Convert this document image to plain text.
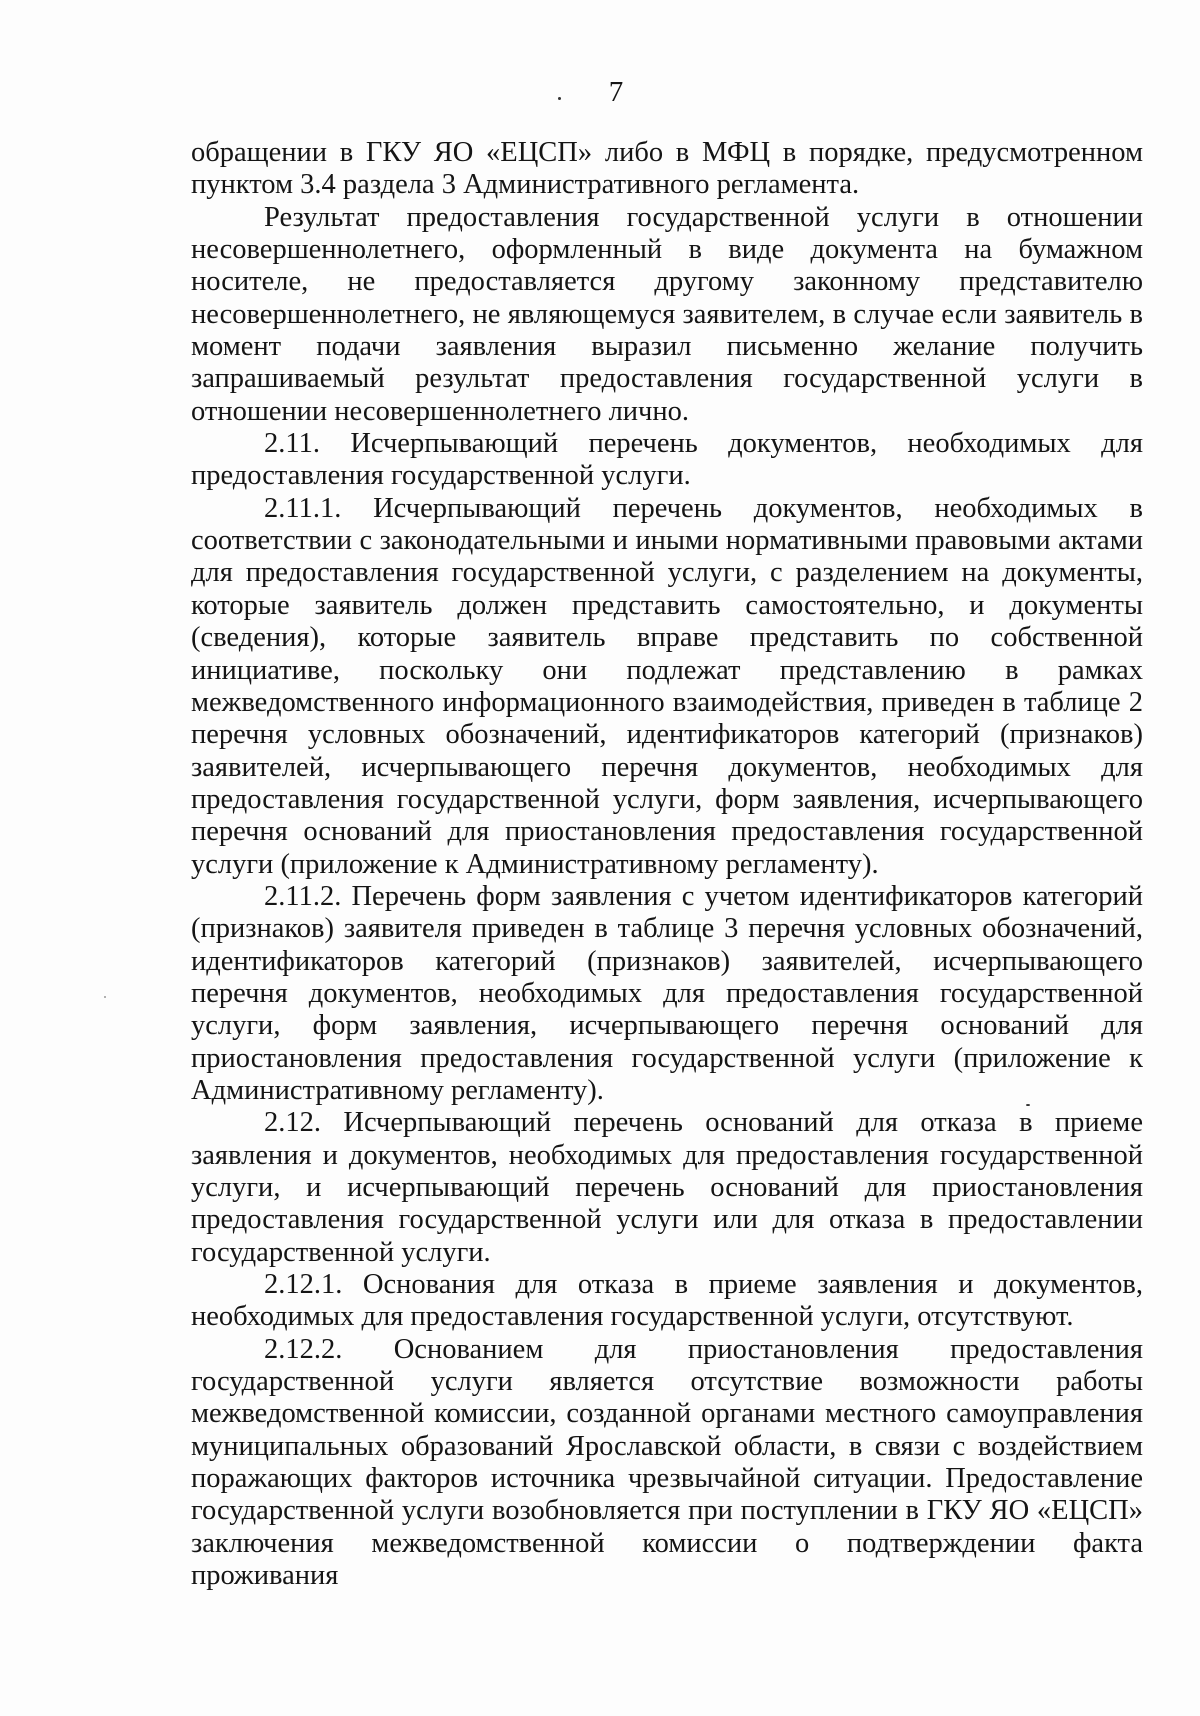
7

обращении в ГКУ ЯО «ЕЦСП» либо в МФЦ в порядке, предусмотренном пунктом 3.4 раздела 3 Административного регламента.

Результат предоставления государственной услуги в отношении несовершеннолетнего, оформленный в виде документа на бумажном носителе, не предоставляется другому законному представителю несовершеннолетнего, не являющемуся заявителем, в случае если заявитель в момент подачи заявления выразил письменно желание получить запрашиваемый результат предоставления государственной услуги в отношении несовершеннолетнего лично.

2.11. Исчерпывающий перечень документов, необходимых для предоставления государственной услуги.

2.11.1. Исчерпывающий перечень документов, необходимых в соответствии с законодательными и иными нормативными правовыми актами для предоставления государственной услуги, с разделением на документы, которые заявитель должен представить самостоятельно, и документы (сведения), которые заявитель вправе представить по собственной инициативе, поскольку они подлежат представлению в рамках межведомственного информационного взаимодействия, приведен в таблице 2 перечня условных обозначений, идентификаторов категорий (признаков) заявителей, исчерпывающего перечня документов, необходимых для предоставления государственной услуги, форм заявления, исчерпывающего перечня оснований для приостановления предоставления государственной услуги (приложение к Административному регламенту).

2.11.2. Перечень форм заявления с учетом идентификаторов категорий (признаков) заявителя приведен в таблице 3 перечня условных обозначений, идентификаторов категорий (признаков) заявителей, исчерпывающего перечня документов, необходимых для предоставления государственной услуги, форм заявления, исчерпывающего перечня оснований для приостановления предоставления государственной услуги (приложение к Административному регламенту).

2.12. Исчерпывающий перечень оснований для отказа в приеме заявления и документов, необходимых для предоставления государственной услуги, и исчерпывающий перечень оснований для приостановления предоставления государственной услуги или для отказа в предоставлении государственной услуги.

2.12.1. Основания для отказа в приеме заявления и документов, необходимых для предоставления государственной услуги, отсутствуют.

2.12.2. Основанием для приостановления предоставления государственной услуги является отсутствие возможности работы межведомственной комиссии, созданной органами местного самоуправления муниципальных образований Ярославской области, в связи с воздействием поражающих факторов источника чрезвычайной ситуации. Предоставление государственной услуги возобновляется при поступлении в ГКУ ЯО «ЕЦСП» заключения межведомственной комиссии о подтверждении факта проживания
